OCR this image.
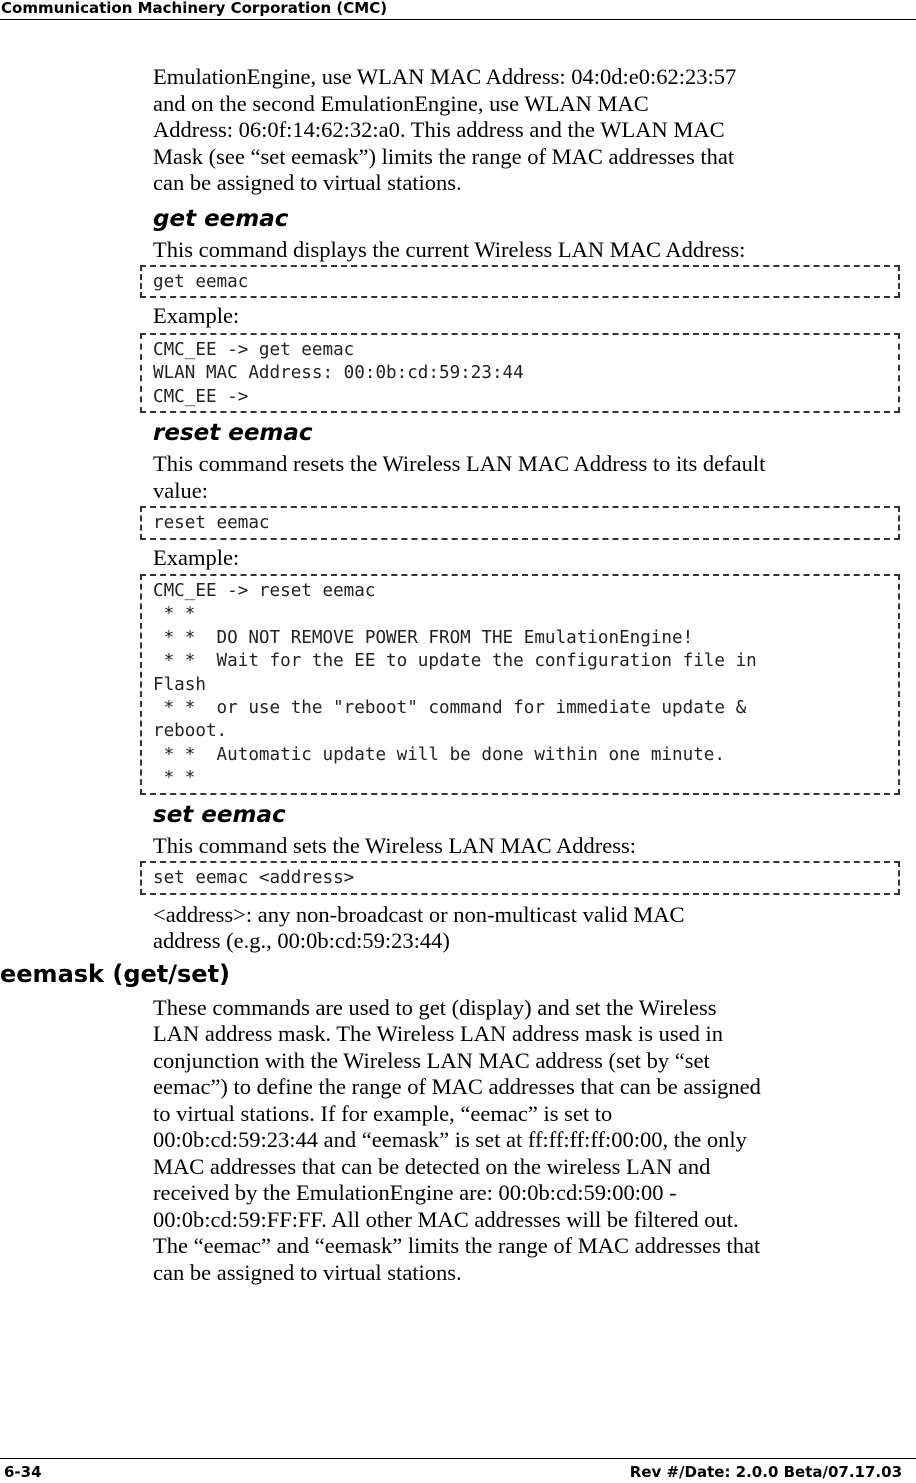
Communication Machinery Corporation (CMC)

EmulationEngine, use WLAN MAC Address: 04:0d:e0:62:23:57
and on the second EmulationEngine, use WLAN MAC
Address: 06:0f:14:62:32:a0. This address and the WLAN MAC
Mask (see “set eemask”) limits the range of MAC addresses that
can be assigned to virtual stations.

get eemac

This command displays the current Wireless LAN MAC Address:

get eemac

Example:

CMC_EE -> get eemac
WLAN MAC Address: 00:0b:cd:59:23:44
CMC_EE ->
reset eemac

This command resets the Wireless LAN MAC Address to its default
value:

reset eemac

Example:

CMC_EE -> reset eemac
* *
* *  DO NOT REMOVE POWER FROM THE EmulationEngine!
* *  Wait for the EE to update the configuration file in
Flash
* *  or use the "reboot" command for immediate update &
reboot.
* *  Automatic update will be done within one minute.
* *
set eemac

This command sets the Wireless LAN MAC Address:

set eemac <address>

<address>: any non-broadcast or non-multicast valid MAC
address (e.g., 00:0b:cd:59:23:44)

eemask (get/set)

These commands are used to get (display) and set the Wireless
LAN address mask. The Wireless LAN address mask is used in
conjunction with the Wireless LAN MAC address (set by “set
eemac”) to define the range of MAC addresses that can be assigned
to virtual stations. If for example, “eemac” is set to
00:0b:cd:59:23:44 and “eemask” is set at ff:ff:ff:ff:00:00, the only
MAC addresses that can be detected on the wireless LAN and
received by the EmulationEngine are: 00:0b:cd:59:00:00 -
00:0b:cd:59:FF:FF. All other MAC addresses will be filtered out.
The “eemac” and “eemask” limits the range of MAC addresses that
can be assigned to virtual stations.

6-34	Rev #/Date: 2.0.0 Beta/07.17.03
